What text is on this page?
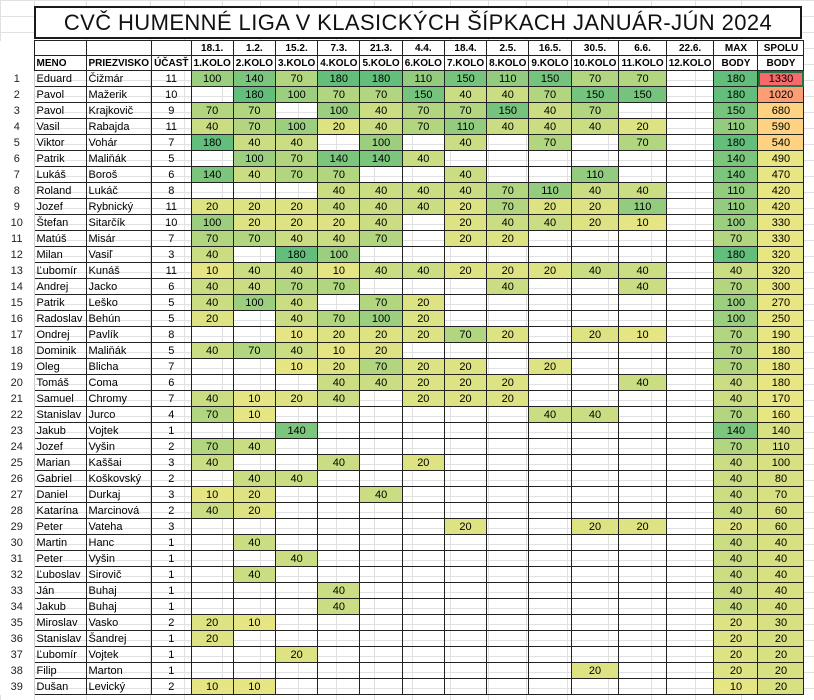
CVČ HUMENNÉ LIGA V KLASICKÝCH ŠÍPKACH JANUÁR-JÚN 2024
				18.1.	1.2.	15.2.	7.3.	21.3.	4.4.	18.4.	2.5.	16.5.	30.5.	6.6.	22.6.	MAX	SPOLU
	MENO	PRIEZVISKO	ÚČASŤ	1.KOLO	2.KOLO	3.KOLO	4.KOLO	5.KOLO	6.KOLO	7.KOLO	8.KOLO	9.KOLO	10.KOLO	11.KOLO	12.KOLO	BODY	BODY
1	Eduard	Čižmár	11	100	140	70	180	180	110	150	110	150	70	70		180	1330
2	Pavol	Mažerik	10		180	100	70	70	150	40	40	70	150	150		180	1020
3	Pavol	Krajkovič	9	70	70		100	40	70	70	150	40	70			150	680
4	Vasil	Rabajda	11	40	70	100	20	40	70	110	40	40	40	20		110	590
5	Viktor	Vohár	7	180	40	40		100		40		70		70		180	540
6	Patrik	Maliňák	5		100	70	140	140	40							140	490
7	Lukáš	Boroš	6	140	40	70	70			40			110			140	470
8	Roland	Lukáč	8				40	40	40	40	70	110	40	40		110	420
9	Jozef	Rybnický	11	20	20	20	40	40	40	20	70	20	20	110		110	420
10	Štefan	Sitarčík	10	100	20	20	20	40		20	40	40	20	10		100	330
11	Matúš	Misár	7	70	70	40	40	70		20	20					70	330
12	Milan	Vasiľ	3	40		180	100									180	320
13	Ľubomír	Kunáš	11	10	40	40	10	40	40	20	20	20	40	40		40	320
14	Andrej	Jacko	6	40	40	70	70				40			40		70	300
15	Patrik	Leško	5	40	100	40		70	20							100	270
16	Radoslav	Behún	5	20		40	70	100	20							100	250
17	Ondrej	Pavlík	8			10	20	20	20	70	20		20	10		70	190
18	Dominik	Maliňák	5	40	70	40	10	20								70	180
19	Oleg	Blicha	7			10	20	70	20	20		20				70	180
20	Tomáš	Coma	6				40	40	20	20	20			40		40	180
21	Samuel	Chromy	7	40	10	20	40		20	20	20					40	170
22	Stanislav	Jurco	4	70	10							40	40			70	160
23	Jakub	Vojtek	1			140										140	140
24	Jozef	Vyšin	2	70	40											70	110
25	Marian	Kaššai	3	40			40		20							40	100
26	Gabriel	Koškovský	2		40	40										40	80
27	Daniel	Durkaj	3	10	20			40								40	70
28	Katarína	Marcinová	2	40	20											40	60
29	Peter	Vateha	3							20			20	20		20	60
30	Martin	Hanc	1		40											40	40
31	Peter	Vyšin	1			40										40	40
32	Ľuboslav	Sirovič	1		40											40	40
33	Ján	Buhaj	1				40									40	40
34	Jakub	Buhaj	1				40									40	40
35	Miroslav	Vasko	2	20	10											20	30
36	Stanislav	Šandrej	1	20												20	20
37	Ľubomír	Vojtek	1			20										20	20
38	Filip	Marton	1										20			20	20
39	Dušan	Levický	2	10	10											10	20
